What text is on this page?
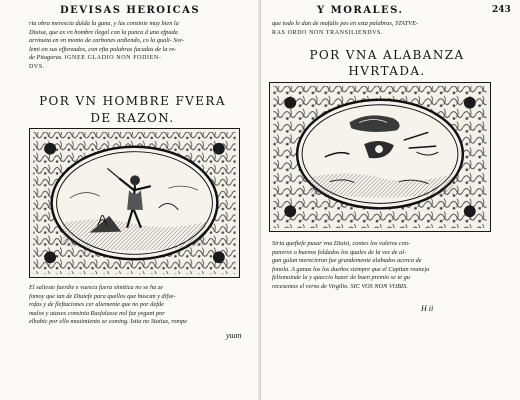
DEVISAS HEROICAS
ria obra merescia dulda la gana, y las consinie muy bien la
Diuisa, que ex vn hombre ilegal con la punca d una efpada
arrimeta en vn monto de carbones ardiendo, co la quali- Sor-
lemi on sus efforzados, con efta palabras facadas de la re-
de Pitagoras. IGNEE GLADIO NON FODIEN-
DVS.
POR VN HOMBRE FVERA
DE RAZON.
El salieste fuerdie e vuesca fuera simitica no se ha ze
fomoy que tan de Diuiefe para quellos que buscan y difse-
rofas y de fleftaciones cer aliemente que no por defde
malos y ataxes consinia Rasfalusse nol faz yegant por
elhabic por ello mouimiento se coming. Istia no Statius, rompe
yuan
Y MORALES.	243
que todo le dan de mufalis pes en esta palabras, STATVE-
RAS ORDO NON TRANSILIENDVS.
POR VNA ALABANZA
HVRTADA.
Siria queftefe pusar vna Diuisi, contes los valeros con-
paneros o buenos foldados los quales de la vez de al-
gun galan merecieron fue grandemente alabados acerca de
fonola. A ganas los los dueños siempre que el Capitan reuneja
felismoinde la y queccio hazer de buen premio se te gu
recesemos el verso de Virgilio. SIC VOS NON VOBIS.
H ii
